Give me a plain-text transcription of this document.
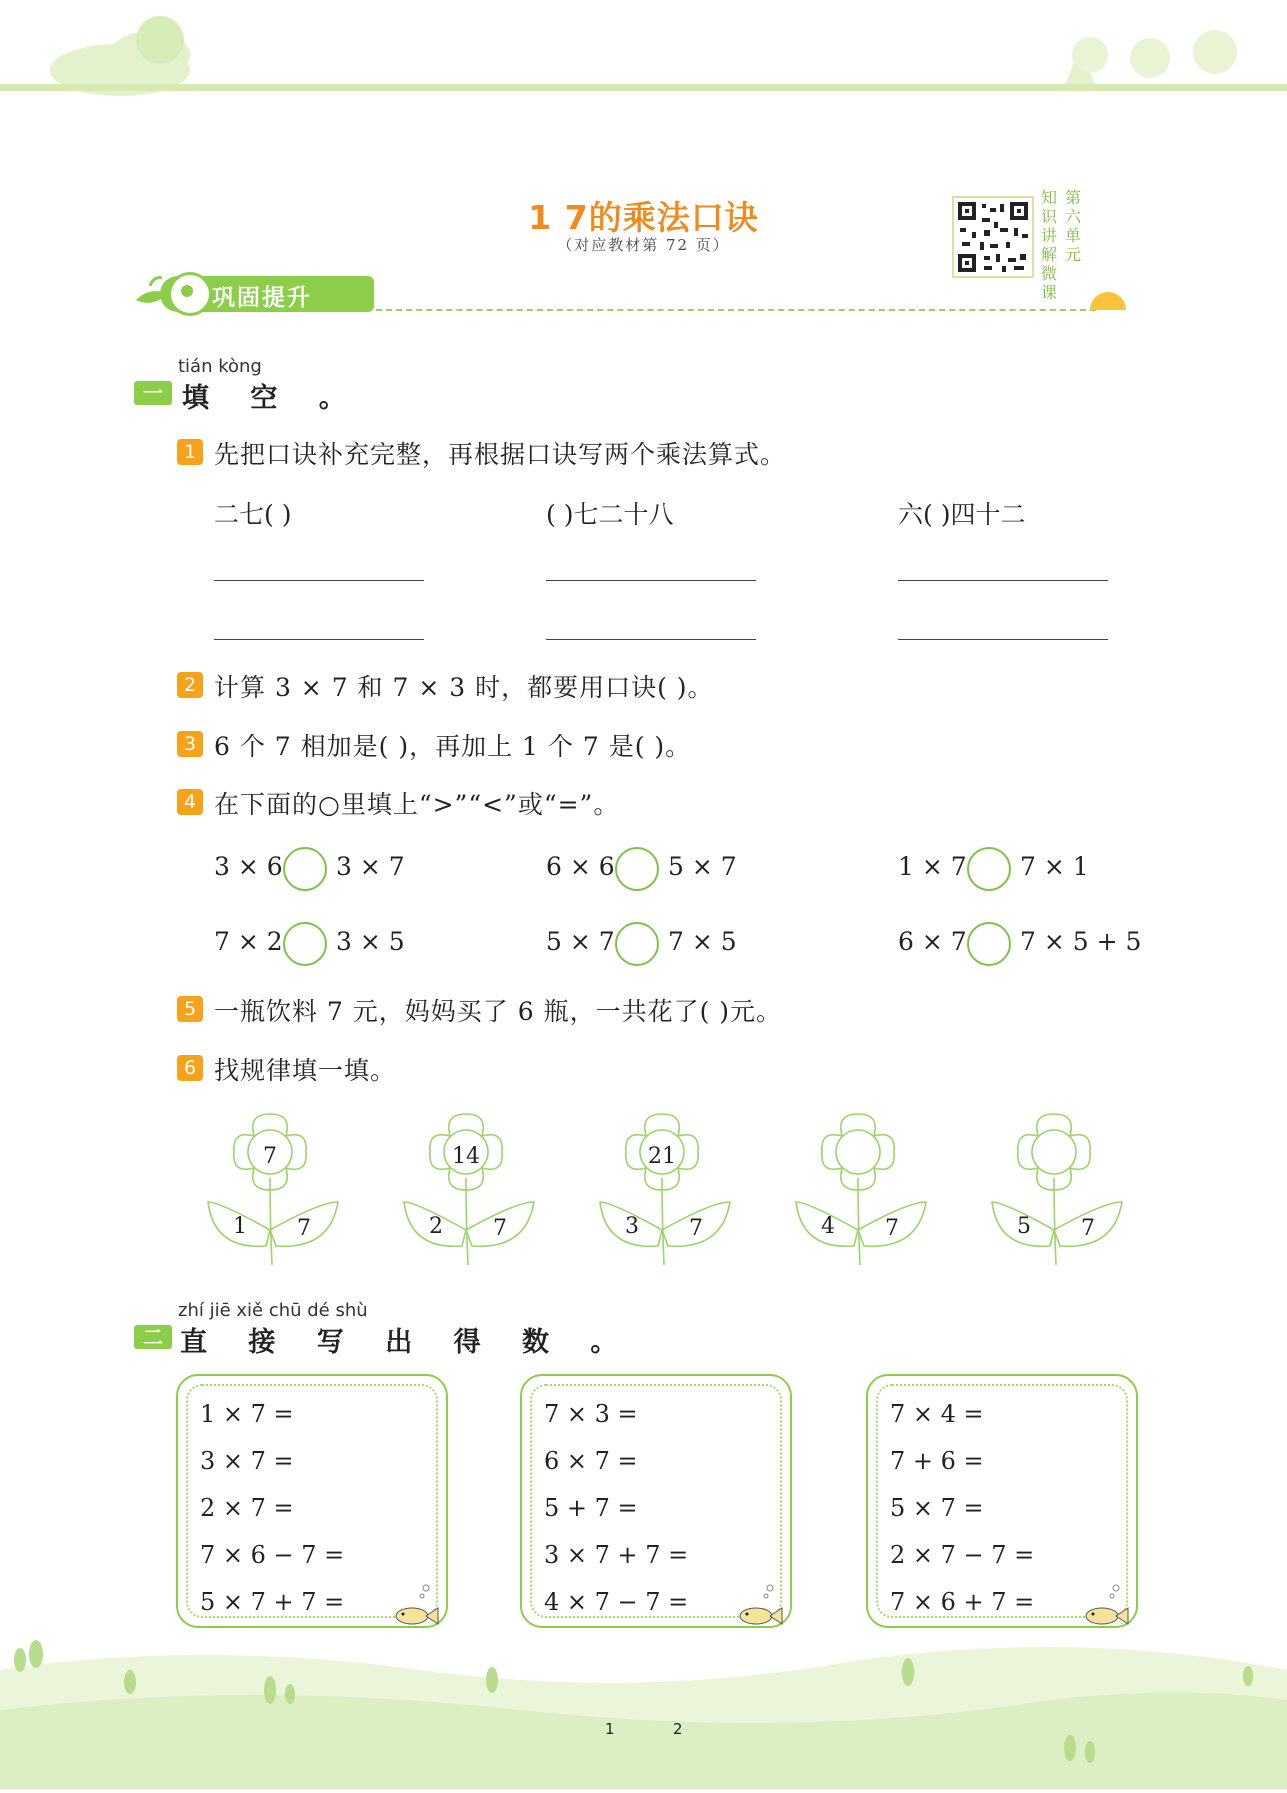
1 7的乘法口诀
（对应教材第 72 页）
知
识
讲
解
微
课
第
六
单
元
巩固提升
tián kòng
一 填 空 。
1 先把口诀补充完整，再根据口诀写两个乘法算式。
二七( )	( )七二十八	六( )四十二
2 计算 3 × 7 和 7 × 3 时，都要用口诀( )。
3 6 个 7 相加是( )，再加上 1 个 7 是( )。
4 在下面的○里填上“>”“<”或“=”。
3 × 6 3 × 7	6 × 6 5 × 7	1 × 7 7 × 1
7 × 2 3 × 5	5 × 7 7 × 5	6 × 7 7 × 5 + 5
5 一瓶饮料 7 元，妈妈买了 6 瓶，一共花了( )元。
6 找规律填一填。
7
1 7
14
2 7
21
3 7	4 7	5 7
zhí jiē xiě chū dé shù
二 直 接 写 出 得 数 。
1 × 7 =
3 × 7 =
2 × 7 =
7 × 6 − 7 =
5 × 7 + 7 =
7 × 3 =
6 × 7 =
5 + 7 =
3 × 7 + 7 =
4 × 7 − 7 =
7 × 4 =
7 + 6 =
5 × 7 =
2 × 7 − 7 =
7 × 6 + 7 =
1	2
